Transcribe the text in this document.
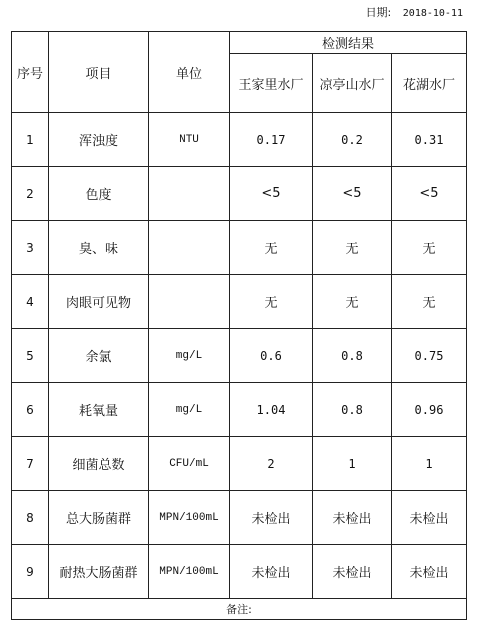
日期: 2018-10-11
序号	项目	单位	检测结果		
			王家里水厂	凉亭山水厂	花湖水厂
1	浑浊度	NTU	0.17	0.2	0.31
2	色度		<5	<5	<5
3	臭、味		无	无	无
4	肉眼可见物		无	无	无
5	余氯	mg/L	0.6	0.8	0.75
6	耗氧量	mg/L	1.04	0.8	0.96
7	细菌总数	CFU/mL	2	1	1
8	总大肠菌群	MPN/100mL	未检出	未检出	未检出
9	耐热大肠菌群	MPN/100mL	未检出	未检出	未检出
备注:					
